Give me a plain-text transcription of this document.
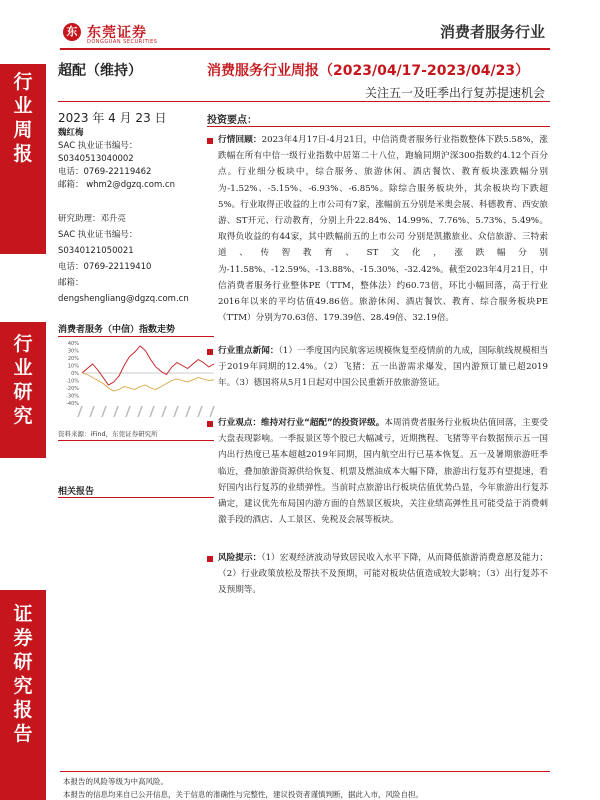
东 东莞证券
DONGGUAN SECURITIES
消费者服务行业
行
业
周
报
行
业
研
究
证
券
研
究
报
告
超配（维持）	消费服务行业周报（2023/04/17-2023/04/23）
关注五一及旺季出行复苏提速机会
2023 年 4 月 23 日
魏红梅
SAC 执业证书编号：
S0340513040002
电话：0769-22119462
邮箱： whm2@dgzq.com.cn
研究助理：邓升亮
SAC 执业证书编号：
S0340121050021
电话：0769-22119410
邮箱：
dengshengliang@dgzq.com.cn
消费者服务（中信）指数走势
40%
30%
20%
10%
0%
-10%
-20%
-30%
-40%
资料来源：iFind，东莞证券研究所
相关报告
投资要点：
行情回顾：2023年4月17日-4月21日，中信消费者服务行业指数整体下跌5.58%，涨跌幅在所有中信一级行业指数中居第二十八位，跑输同期沪深300指数约4.12个百分点。行业细分板块中，综合服务、旅游休闲、酒店餐饮、教育板块涨跌幅分别为-1.52%、-5.15%、-6.93%、-6.85%。除综合服务板块外，其余板块均下跌超5%。行业取得正收益的上市公司有7家，涨幅前五分别是米奥会展、科德教育、西安旅游、ST开元、行动教育，分别上升22.84%、14.99%、7.76%、5.73%、5.49%。取得负收益的有44家，其中跌幅前五的上市公司 分别是凯撒旅业、众信旅游、三特索道、传智教育、ST文化，涨跌幅分别为-11.58%、-12.59%、-13.88%、-15.30%、-32.42%。截至2023年4月21日，中信消费者服务行业整体PE（TTM，整体法）约60.73倍，环比小幅回落，高于行业2016年以来的平均估值49.86倍。旅游休闲、酒店餐饮、教育、综合服务板块PE（TTM）分别为70.63倍、179.39倍、28.49倍、32.19倍。
行业重点新闻：（1）一季度国内民航客运规模恢复至疫情前的九成，国际航线规模相当于2019年同期的12.4%。（2）飞猪：五一出游需求爆发，国内游预订量已超2019年。（3）德国将从5月1日起对中国公民重新开放旅游签证。
行业观点：维持对行业“超配”的投资评级。本周消费者服务行业板块估值回落，主要受大盘表现影响。一季报景区等个股已大幅减亏，近期携程、飞猪等平台数据预示五一国内出行热度已基本超越2019年同期，国内航空出行已基本恢复。五一及暑期旅游旺季临近，叠加旅游资源供给恢复、机票及燃油成本大幅下降，旅游出行复苏有望提速，看好国内出行复苏的业绩弹性。当前时点旅游出行板块估值优势凸显，今年旅游出行复苏确定，建议优先布局国内游方面的自然景区板块，关注业绩高弹性且可能受益于消费刺激手段的酒店、人工景区、免税及会展等板块。
风险提示：（1）宏观经济波动导致居民收入水平下降，从而降低旅游消费意愿及能力；（2）行业政策放松及帮扶不及预期，可能对板块估值造成较大影响；（3）出行复苏不及预期等。
本报告的风险等级为中高风险。
本报告的信息均来自已公开信息，关于信息的准确性与完整性，建议投资者谨慎判断，据此入市，风险自担。
